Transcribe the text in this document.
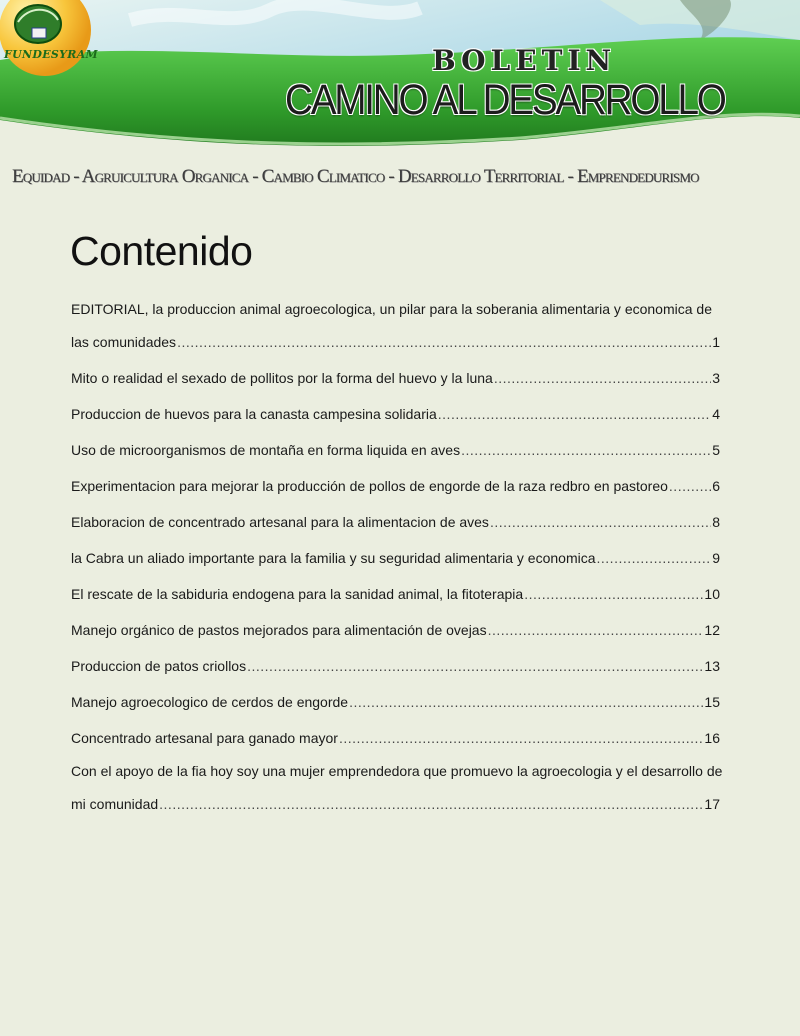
FUNDESYRAM	BOLETIN
CAMINO AL DESARROLLO
Equidad - Agruicultura Organica - Cambio Climatico - Desarrollo Territorial - Emprendedurismo
Contenido
EDITORIAL, la produccion animal agroecologica, un pilar para la soberania alimentaria y economica de
las comunidades .....	1
Mito o realidad el sexado de pollitos por la forma del huevo y la luna .....	3
Produccion de huevos para la canasta campesina solidaria .....	4
Uso de microorganismos de montaña en forma liquida en aves .....	5
Experimentacion para mejorar la producción de pollos de engorde de la raza redbro en pastoreo .....	6
Elaboracion de concentrado artesanal para la alimentacion de aves .....	8
la Cabra un aliado importante para la familia y su seguridad alimentaria y economica .....	9
El rescate de la sabiduria endogena para la sanidad animal, la fitoterapia .....	10
Manejo orgánico de pastos mejorados para alimentación de ovejas .....	12
Produccion de patos criollos .....	13
Manejo agroecologico de cerdos de engorde .....	15
Concentrado artesanal para ganado mayor .....	16
Con el apoyo de la fia hoy soy una mujer emprendedora que promuevo la agroecologia y el desarrollo de
mi comunidad .....	17
